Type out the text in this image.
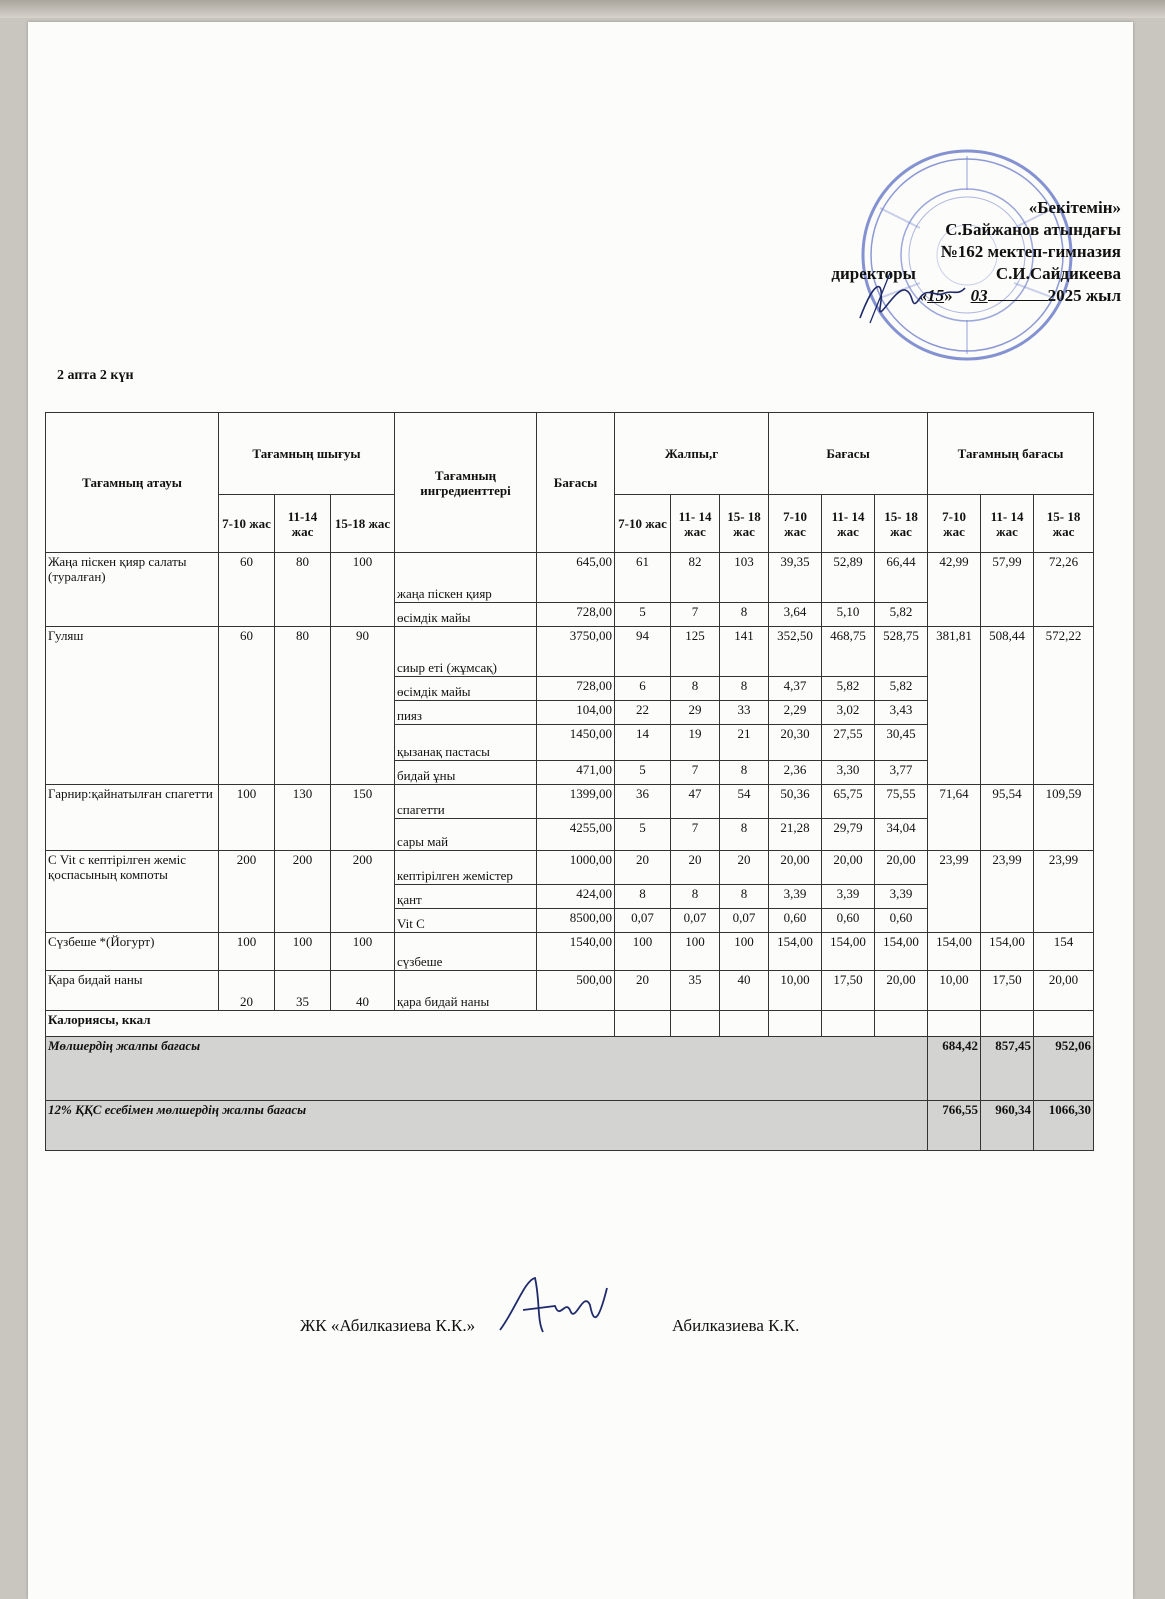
«Бекітемін»
С.Байжанов атындағы
№162 мектеп-гимназия
директоры	С.И.Сайдикеева
«15» 03	2025 жыл
2 апта 2 күн
Тағамның атауы	Тағамның шығуы			Тағамның ингредиенттері	Бағасы	Жалпы,г			Бағасы			Тағамның бағасы		
	7-10 жас	11-14 жас	15-18 жас			7-10 жас	11- 14 жас	15- 18 жас	7-10 жас	11- 14 жас	15- 18 жас	7-10 жас	11- 14 жас	15- 18 жас
Жаңа піскен қияр салаты (туралған)	60	80	100	жаңа піскен қияр	645,00	61	82	103	39,35	52,89	66,44	42,99	57,99	72,26
				өсімдік майы	728,00	5	7	8	3,64	5,10	5,82			
Гуляш	60	80	90	сиыр еті (жұмсақ)	3750,00	94	125	141	352,50	468,75	528,75	381,81	508,44	572,22
				өсімдік майы	728,00	6	8	8	4,37	5,82	5,82			
				пияз	104,00	22	29	33	2,29	3,02	3,43			
				қызанақ пастасы	1450,00	14	19	21	20,30	27,55	30,45			
				бидай ұны	471,00	5	7	8	2,36	3,30	3,77			
Гарнир:қайнатылған спагетти	100	130	150	спагетти	1399,00	36	47	54	50,36	65,75	75,55	71,64	95,54	109,59
				сары май	4255,00	5	7	8	21,28	29,79	34,04			
С Vit с кептірілген жеміс қоспасының компоты	200	200	200	кептірілген жемістер	1000,00	20	20	20	20,00	20,00	20,00	23,99	23,99	23,99
				қант	424,00	8	8	8	3,39	3,39	3,39			
				Vit C	8500,00	0,07	0,07	0,07	0,60	0,60	0,60			
Сүзбеше *(Йогурт)	100	100	100	сүзбеше	1540,00	100	100	100	154,00	154,00	154,00	154,00	154,00	154
Қара бидай наны	20	35	40	қара бидай наны	500,00	20	35	40	10,00	17,50	20,00	10,00	17,50	20,00
Калориясы, ккал														
Мөлшердің жалпы бағасы												684,42	857,45	952,06
12% ҚҚС есебімен мөлшердің жалпы бағасы												766,55	960,34	1066,30
ЖК «Абилказиева К.К.»	Абилказиева К.К.
